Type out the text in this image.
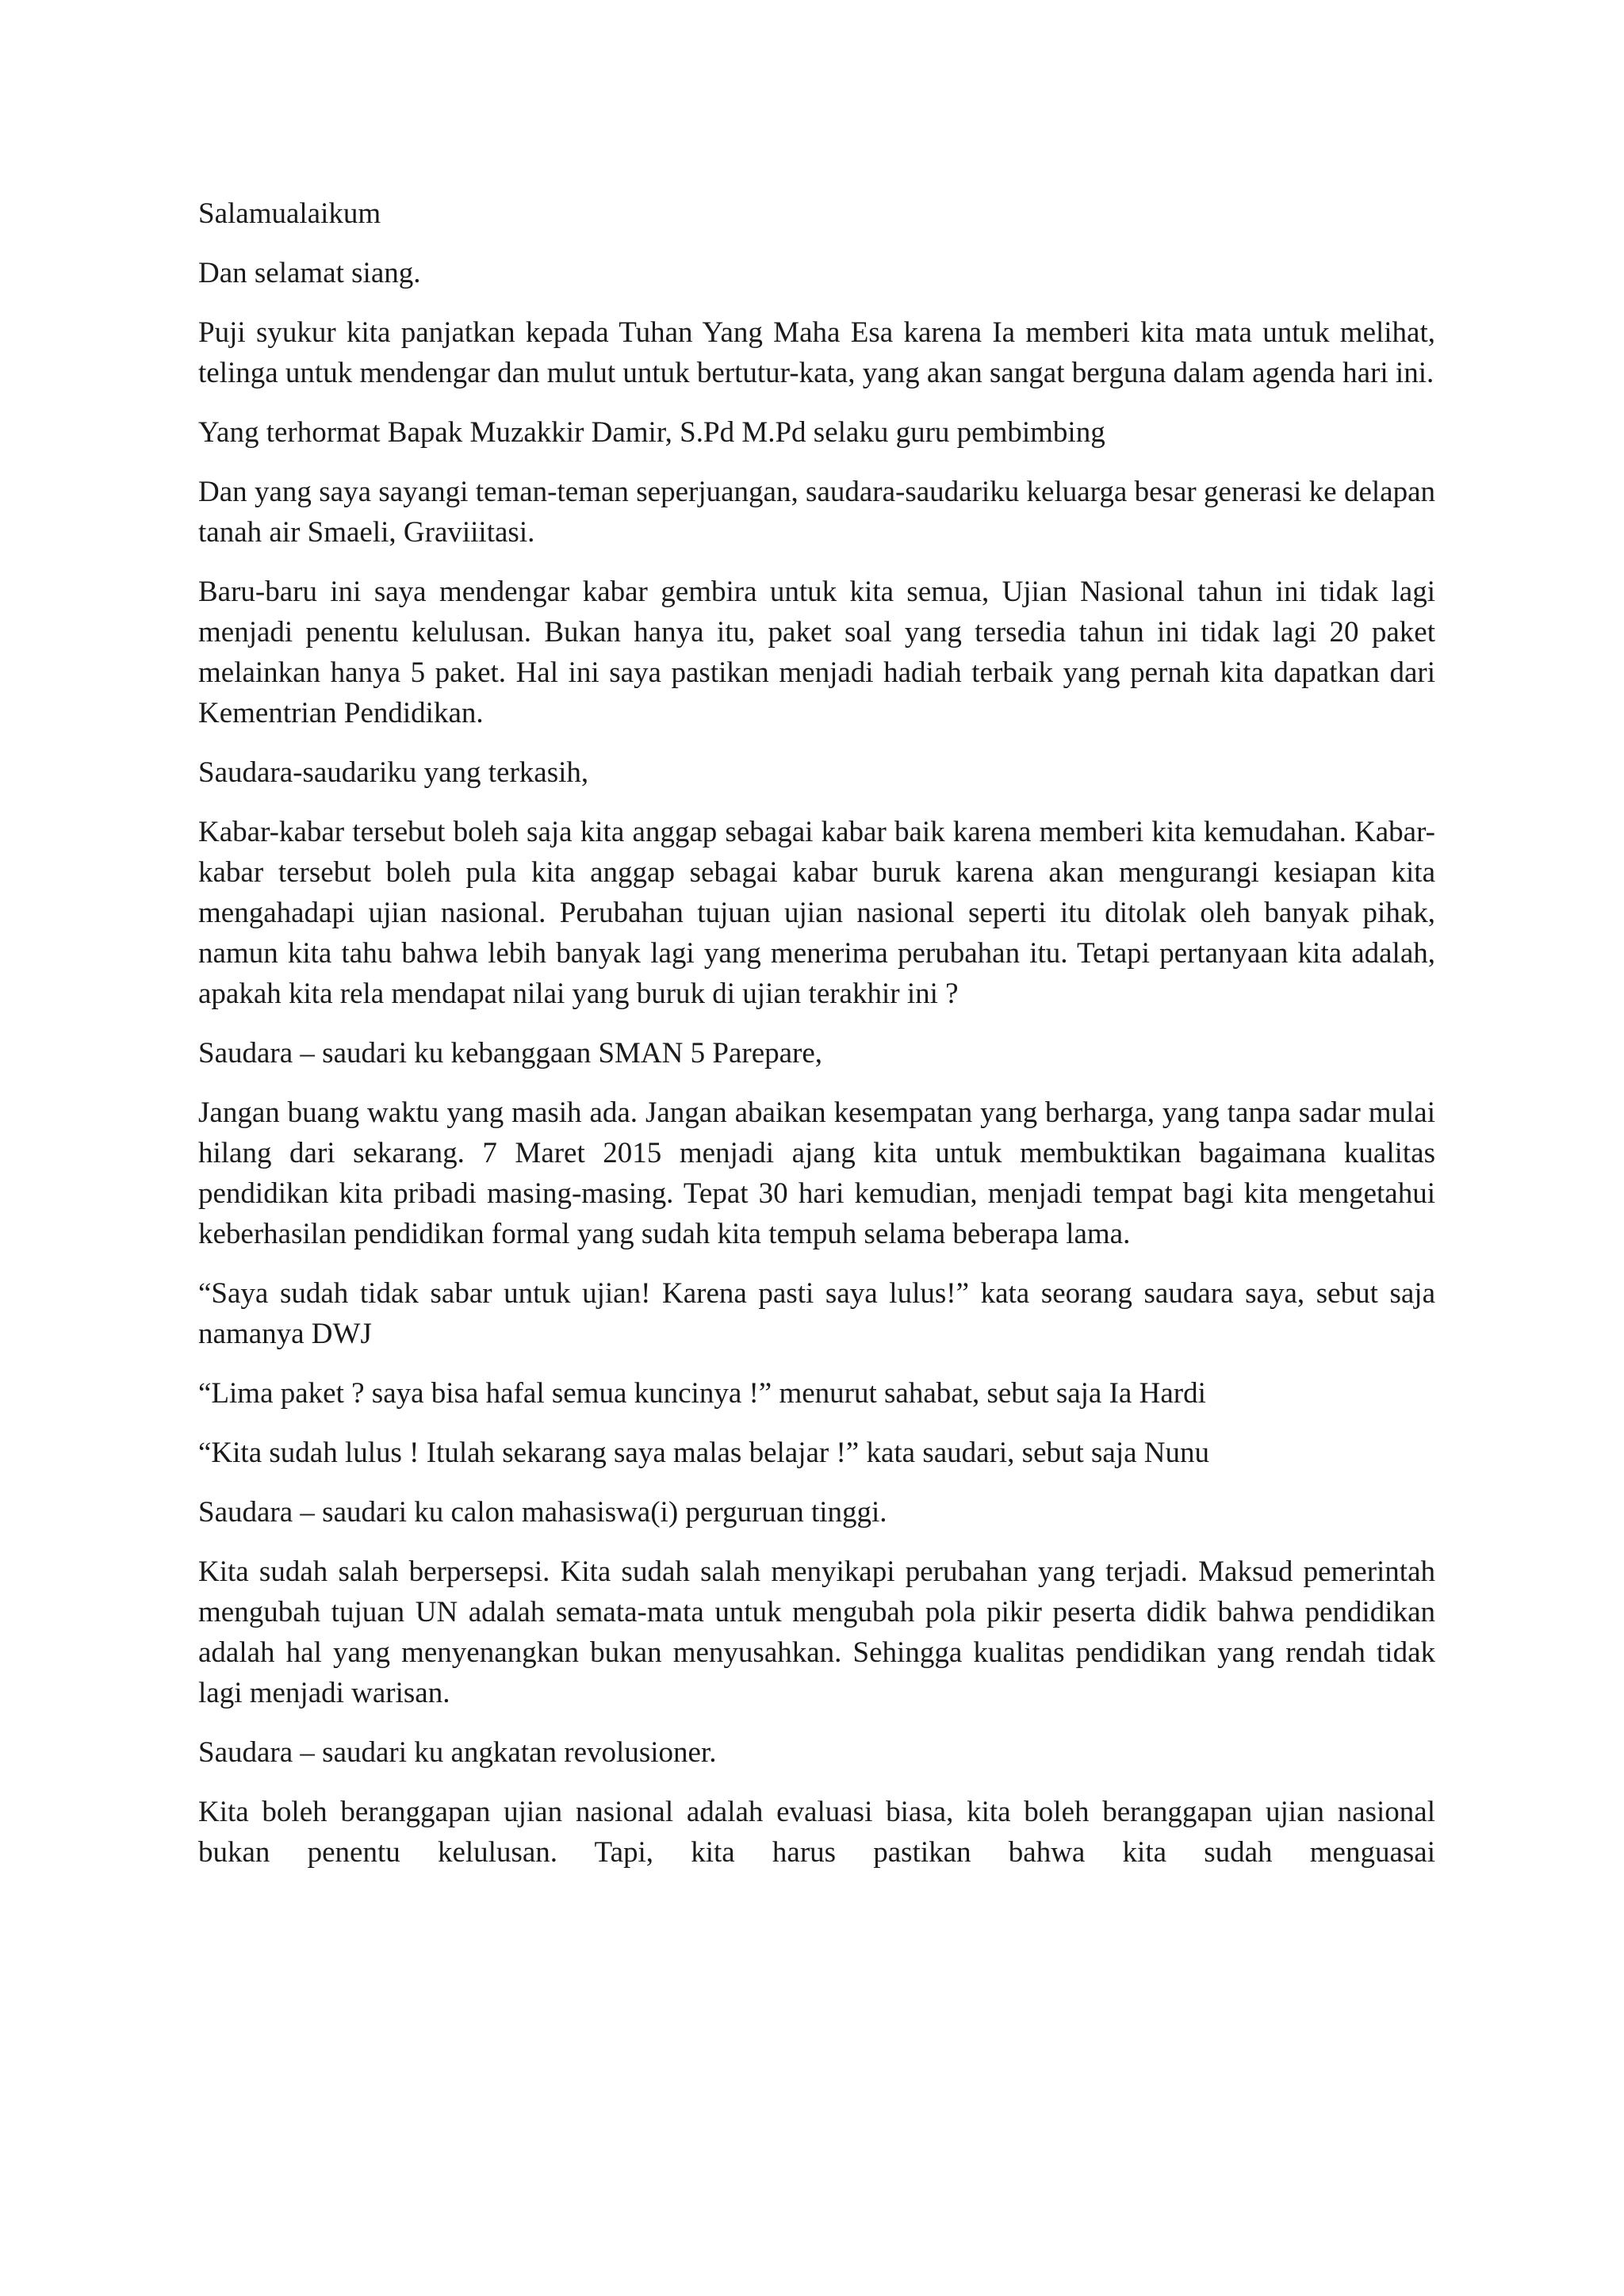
Salamualaikum

Dan selamat siang.

Puji syukur kita panjatkan kepada Tuhan Yang Maha Esa karena Ia memberi kita mata untuk melihat, telinga untuk mendengar dan mulut untuk bertutur-kata, yang akan sangat berguna dalam agenda hari ini.

Yang terhormat Bapak Muzakkir Damir, S.Pd M.Pd selaku guru pembimbing

Dan yang saya sayangi teman-teman seperjuangan, saudara-saudariku keluarga besar generasi ke delapan tanah air Smaeli, Graviiitasi.

Baru-baru ini saya mendengar kabar gembira untuk kita semua, Ujian Nasional tahun ini tidak lagi menjadi penentu kelulusan. Bukan hanya itu, paket soal yang tersedia tahun ini tidak lagi 20 paket melainkan hanya 5 paket. Hal ini saya pastikan menjadi hadiah terbaik yang pernah kita dapatkan dari Kementrian Pendidikan.

Saudara-saudariku yang terkasih,

Kabar-kabar tersebut boleh saja kita anggap sebagai kabar baik karena memberi kita kemudahan. Kabar-kabar tersebut boleh pula kita anggap sebagai kabar buruk karena akan mengurangi kesiapan kita mengahadapi ujian nasional. Perubahan tujuan ujian nasional seperti itu ditolak oleh banyak pihak, namun kita tahu bahwa lebih banyak lagi yang menerima perubahan itu. Tetapi pertanyaan kita adalah, apakah kita rela mendapat nilai yang buruk di ujian terakhir ini ?

Saudara – saudari ku kebanggaan SMAN 5 Parepare,

Jangan buang waktu yang masih ada. Jangan abaikan kesempatan yang berharga, yang tanpa sadar mulai hilang dari sekarang. 7 Maret 2015 menjadi ajang kita untuk membuktikan bagaimana kualitas pendidikan kita pribadi masing-masing. Tepat 30 hari kemudian, menjadi tempat bagi kita mengetahui keberhasilan pendidikan formal yang sudah kita tempuh selama beberapa lama.

“Saya sudah tidak sabar untuk ujian! Karena pasti saya lulus!” kata seorang saudara saya, sebut saja namanya DWJ

“Lima paket ? saya bisa hafal semua kuncinya !” menurut sahabat, sebut saja Ia Hardi

“Kita sudah lulus ! Itulah sekarang saya malas belajar !” kata saudari, sebut saja Nunu

Saudara – saudari ku calon mahasiswa(i) perguruan tinggi.

Kita sudah salah berpersepsi. Kita sudah salah menyikapi perubahan yang terjadi. Maksud pemerintah mengubah tujuan UN adalah semata-mata untuk mengubah pola pikir peserta didik bahwa pendidikan adalah hal yang menyenangkan bukan menyusahkan. Sehingga kualitas pendidikan yang rendah tidak lagi menjadi warisan.

Saudara – saudari ku angkatan revolusioner.

Kita boleh beranggapan ujian nasional adalah evaluasi biasa, kita boleh beranggapan ujian nasional bukan penentu kelulusan. Tapi, kita harus pastikan bahwa kita sudah menguasai
